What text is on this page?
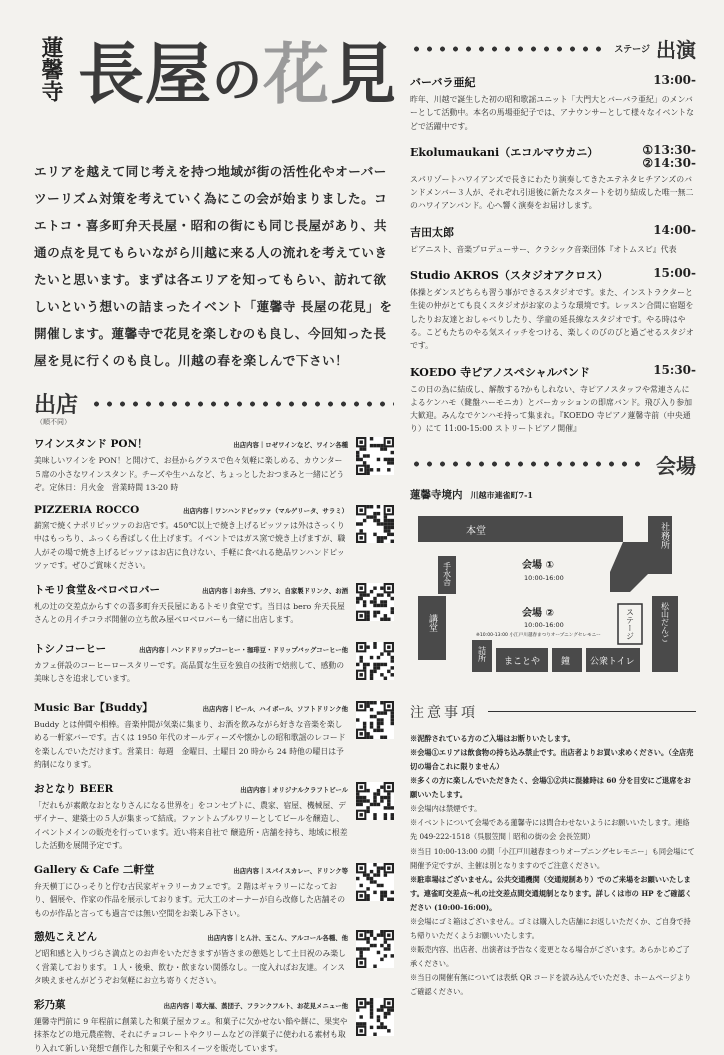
蓮馨寺 長屋の花見

エリアを越えて同じ考えを持つ地域が街の活性化やオーバーツーリズム対策を考えていく為にこの会が始まりました。コエトコ・喜多町弁天長屋・昭和の街にも同じ長屋があり、共通の点を見てもらいながら川越に来る人の流れを考えていきたいと思います。まずは各エリアを知ってもらい、訪れて欲しいという想いの詰まったイベント「蓮馨寺 長屋の花見」を開催します。蓮馨寺で花見を楽しむのも良し、今回知った長屋を見に行くのも良し。川越の春を楽しんで下さい！

出店
（順不同）
ワインスタンド PON！	出店内容｜ロゼワインなど、ワイン各種
美味しいワインを PON！と開けて、お昼からグラスで色々気軽に楽しめる、カウンター５席の小さなワインスタンド。チーズや生ハムなど、ちょっとしたおつまみと一緒にどうぞ。定休日：月火金　営業時間 13-20 時
PIZZERIA ROCCO	出店内容｜ワンハンドピッツァ（マルゲリータ、サラミ）
薪窯で焼くナポリピッツァのお店です。450℃以上で焼き上げるピッツァは外はさっくり中はもっちり、ふっくら香ばしく仕上げます。イベントではガス窯で焼き上げますが、職人がその場で焼き上げるピッツァはお店に負けない、手軽に食べれる絶品ワンハンドピッツァです。ぜひご賞味ください。
トモリ食堂＆ベロベロバー	出店内容｜お弁当、ブリン、自家製ドリンク、お酒
札の辻の交差点からすぐの喜多町弁天長屋にあるトモリ食堂です。当日は bero 弁天長屋さんとの月イチコラボ開催の立ち飲み屋ベロベロバーも一緒に出店します。
トシノコーヒー	出店内容｜ハンドドリップコーヒー・珈琲豆・ドリップバッグコーヒー他
カフェ併設のコーヒーロースタリーです。高品質な生豆を独自の技術で焙煎して、感動の美味しさを追求しています。
Music Bar【Buddy】	出店内容｜ビール、ハイボール、ソフトドリンク他
Buddy とは仲間や相棒。音楽仲間が気楽に集まり、お酒を飲みながら好きな音楽を楽しめる一軒家バーです。古くは 1950 年代のオールディーズや懐かしの昭和歌謡のレコードを楽しんでいただけます。営業日：毎週　金曜日、土曜日 20 時から 24 時他の曜日は予約制になります。
おとなり BEER	出店内容｜オリジナルクラフトビール
「だれもが素敵なおとなりさんになる世界を」をコンセプトに、農家、宿屋、機械屋、デザイナー、建築士の５人が集まって結成。ファントムブルワリーとしてビールを醸造し、イベントメインの販売を行っています。近い将来自社で 醸造所・店舗を持ち、地域に根差した活動を展開予定です。
Gallery & Cafe 二軒堂	出店内容｜スパイスカレー、ドリンク等
弁天横丁にひっそりと佇む古民家ギャラリーカフェです。２階はギャラリーになっており、個展や、作家の作品を展示しております。元大工のオーナーが自ら改修した店舗そのものが作品と言っても過言では無い空間をお楽しみ下さい。
憩処こえどん	出店内容｜とん汁、玉こん、アルコール各種、他
ど昭和感と入りづらさ満点とのお声をいただきますが皆さまの憩処として土日祝のみ楽しく営業しております。１人・後乗、飲む・飲まない関係なし。一度入ればお友達。インスタ映えませんがどうぞお気軽にお立ち寄りください。
彩乃菓	出店内容｜苺大福、蒸団子、フランクフルト、お花見メニュー他
蓮馨寺門前に 9 年程前に創業した和菓子屋カフェ。和菓子に欠かせない餡や餅に、果実や抹茶などの地元農産物、それにチョコレートやクリームなどの洋菓子に使われる素材も取り入れて新しい発想で創作した和菓子や和スイーツを販売しています。
ステージ 出演
バーバラ亜紀	13:00-
昨年、川越で誕生した初の昭和歌謡ユニット「大門大とバーバラ亜紀」のメンバーとして活動中。本名の馬場亜紀子では、アナウンサーとして様々なイベントなどで活躍中です。
Ekolumaukani（エコルマウカニ）	①13:30-
②14:30-
スパリゾートハワイアンズで長きにわたり演奏してきたエテネタヒチアンズのバンドメンバー３人が、それぞれ引退後に新たなスタートを切り結成した唯一無二のハワイアンバンド。心へ響く演奏をお届けします。
吉田太郎	14:00-
ピアニスト、音楽プロデューサー、クラシック音楽団体『オトムスビ』代表
Studio AKROS（スタジオアクロス）	15:00-
体操とダンスどちらも習う事ができるスタジオです。また、インストラクターと生徒の仲がとても良くスタジオがお家のような環境です。レッスン合間に宿題をしたりお友達とおしゃべりしたり、学童の延長線なスタジオです。やる時はやる。こどもたちのやる気スイッチをつける、楽しくのびのびと過ごせるスタジオです。
KOEDO 寺ピアノスペシャルバンド	15:30-
この日の為に結成し、解散する?かもしれない、寺ピアノスタッフや常連さんによるケンハモ（鍵盤ハーモニカ）とパーカッションの即席バンド。飛び入り参加大歓迎。みんなでケンハモ持って集まれ。『KOEDO 寺ピアノ蓮馨寺前（中央通り）にて 11:00-15:00 ストリートピアノ開催』
会場
蓮馨寺境内 川越市連雀町7-1
本堂	社務所
手水舎
講堂
会場 ①
10:00-16:00
会場 ②
10:00-16:00
※10:00-13:00 小江戸川越春まつりオープニングセレモニー	ステージ	松山だんご
詰所 まことや 鐘 公衆トイレ
注意事項

※泥酔されている方のご入場はお断りいたします。

※会場①エリアは飲食物の持ち込み禁止です。出店者よりお買い求めください。（全店売切の場合これに限りません）

※多くの方に楽しんでいただきたく、会場①②共に混雑時は 60 分を目安にご退席をお願いいたします。

※会場内は禁煙です。

※イベントについて会場である蓮馨寺には問合わせないようにお願いいたします。連絡先 049-222-1518（呉服笠間｜昭和の街の会 会長笠間）

※当日 10:00-13:00 の間「小江戸川越春まつりオープニングセレモニー」も同会場にて開催予定ですが、主催は別となりますのでご注意ください。

※駐車場はございません。公共交通機関（交通規制あり）でのご来場をお願いいたします。連雀町交差点～札の辻交差点間交通規制となります。詳しくは市の HP をご確認ください (10:00-16:00)。

※会場にゴミ箱はございません。ゴミは購入した店舗にお返しいただくか、ご自身で持ち帰りいただくようお願いいたします。

※販売内容、出店者、出演者は予告なく変更となる場合がございます。あらかじめご了承ください。

※当日の開催有無については表紙 QR コードを読み込んでいただき、ホームページよりご確認ください。
